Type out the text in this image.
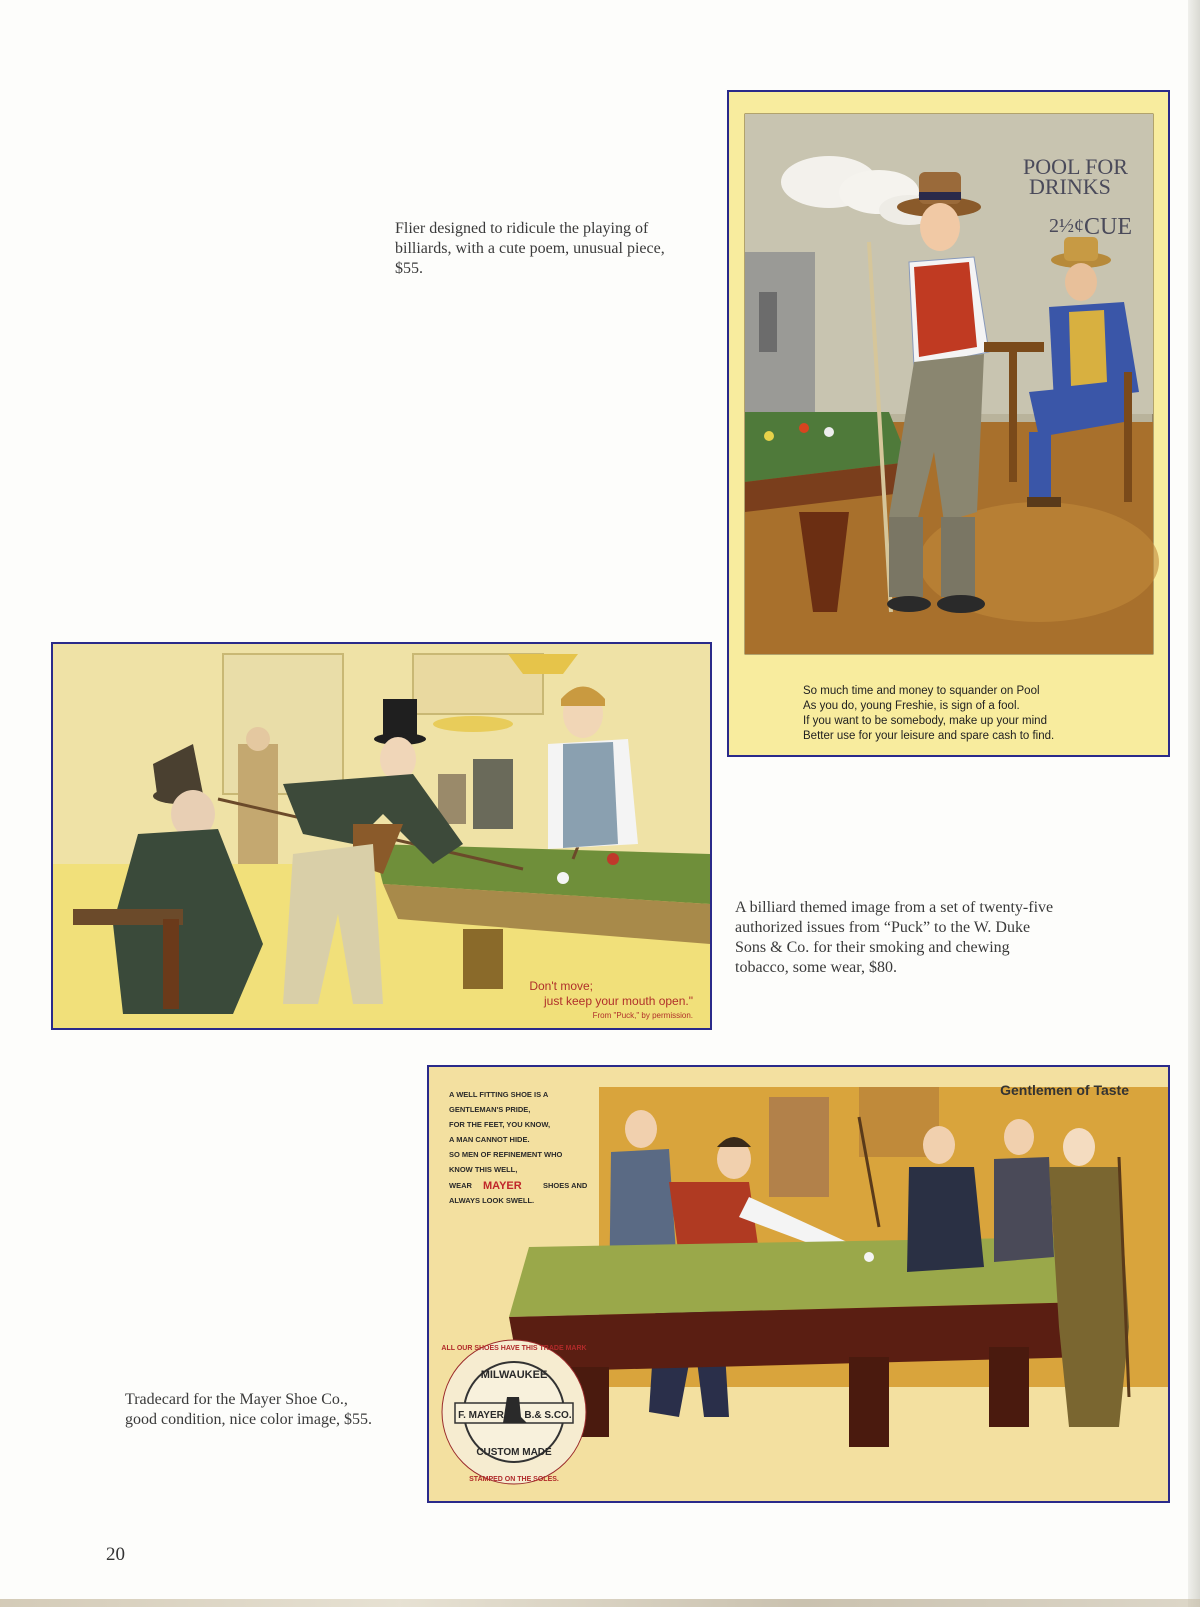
Flier designed to ridicule the playing of
billiards, with a cute poem, unusual piece,
$55.
POOL FOR
DRINKS
2½¢ CUE
So much time and money to squander on Pool
As you do, young Freshie, is sign of a fool.
If you want to be somebody, make up your mind
Better use for your leisure and spare cash to find.
Don't move;
just keep your mouth open."
From "Puck," by permission.
A billiard themed image from a set of twenty-five
authorized issues from “Puck” to the W. Duke
Sons & Co. for their smoking and chewing
tobacco, some wear, $80.
Gentlemen of Taste
A WELL FITTING SHOE IS A
GENTLEMAN'S PRIDE,
FOR THE FEET, YOU KNOW,
A MAN CANNOT HIDE.
SO MEN OF REFINEMENT WHO
KNOW THIS WELL,
WEAR MAYER	SHOES AND
ALWAYS LOOK SWELL.
MILWAUKEE
F. MAYER B.& S.CO.
CUSTOM MADE
ALL OUR SHOES HAVE THIS TRADE MARK
STAMPED ON THE SOLES.
Tradecard for the Mayer Shoe Co.,
good condition, nice color image, $55.
20
